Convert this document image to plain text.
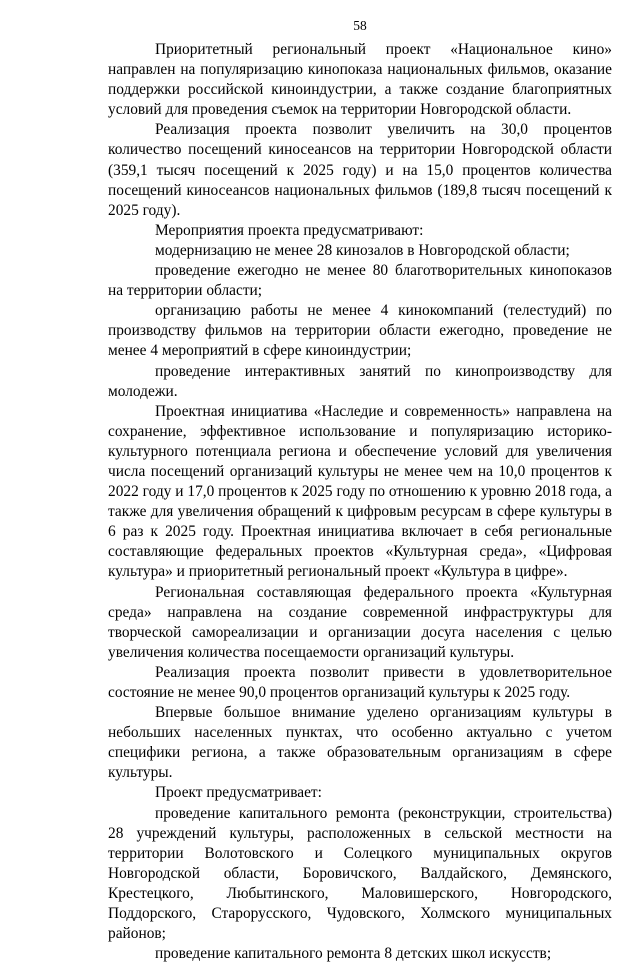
58

Приоритетный региональный проект «Национальное кино» направлен на популяризацию кинопоказа национальных фильмов, оказание поддержки российской киноиндустрии, а также создание благоприятных условий для проведения съемок на территории Новгородской области.

Реализация проекта позволит увеличить на 30,0 процентов количество посещений киносеансов на территории Новгородской области (359,1 тысяч посещений к 2025 году) и на 15,0 процентов количества посещений киносеансов национальных фильмов (189,8 тысяч посещений к 2025 году).

Мероприятия проекта предусматривают:

модернизацию не менее 28 кинозалов в Новгородской области;

проведение ежегодно не менее 80 благотворительных кинопоказов на территории области;

организацию работы не менее 4 кинокомпаний (телестудий) по производству фильмов на территории области ежегодно, проведение не менее 4 мероприятий в сфере киноиндустрии;

проведение интерактивных занятий по кинопроизводству для молодежи.

Проектная инициатива «Наследие и современность» направлена на сохранение, эффективное использование и популяризацию историко-культурного потенциала региона и обеспечение условий для увеличения числа посещений организаций культуры не менее чем на 10,0 процентов к 2022 году и 17,0 процентов к 2025 году по отношению к уровню 2018 года, а также для увеличения обращений к цифровым ресурсам в сфере культуры в 6 раз к 2025 году. Проектная инициатива включает в себя региональные составляющие федеральных проектов «Культурная среда», «Цифровая культура» и приоритетный региональный проект «Культура в цифре».

Региональная составляющая федерального проекта «Культурная среда» направлена на создание современной инфраструктуры для творческой самореализации и организации досуга населения с целью увеличения количества посещаемости организаций культуры.

Реализация проекта позволит привести в удовлетворительное состояние не менее 90,0 процентов организаций культуры к 2025 году.

Впервые большое внимание уделено организациям культуры в небольших населенных пунктах, что особенно актуально с учетом специфики региона, а также образовательным организациям в сфере культуры.

Проект предусматривает:

проведение капитального ремонта (реконструкции, строительства) 28 учреждений культуры, расположенных в сельской местности на территории Волотовского и Солецкого муниципальных округов Новгородской области, Боровичского, Валдайского, Демянского, Крестецкого, Любытинского, Маловишерского, Новгородского, Поддорского, Старорусского, Чудовского, Холмского муниципальных районов;

проведение капитального ремонта 8 детских школ искусств;
